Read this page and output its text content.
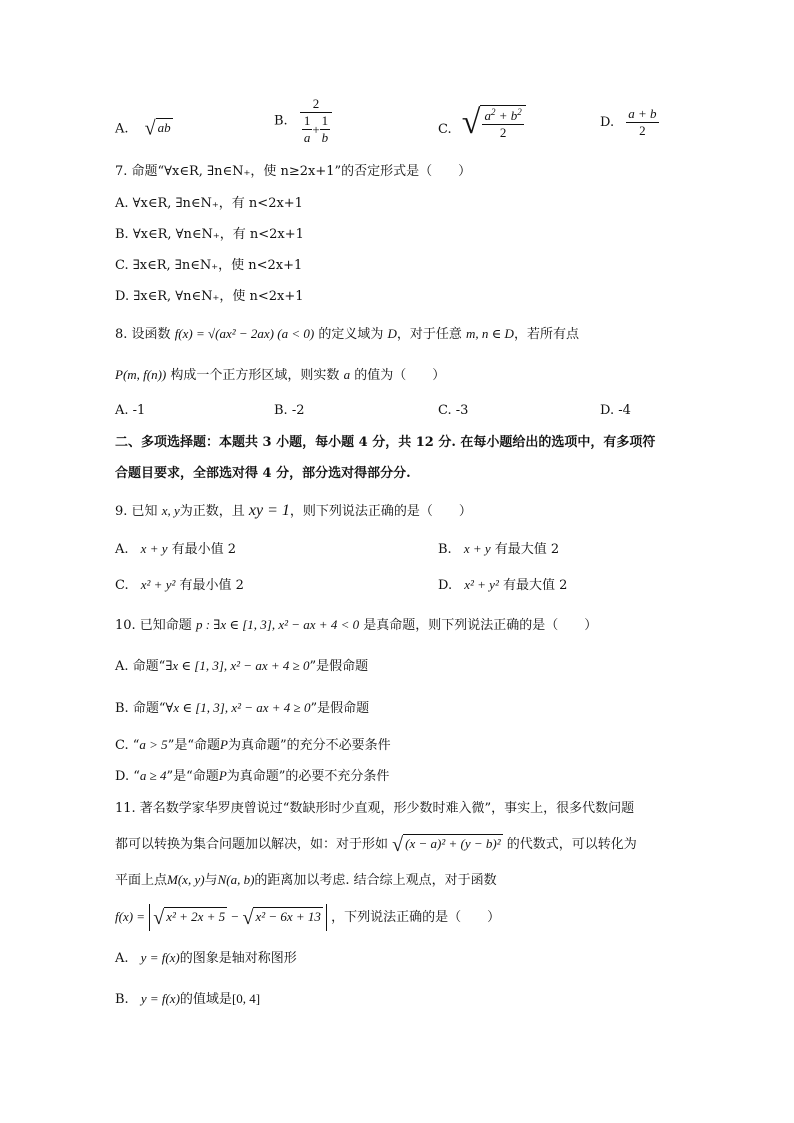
A. √ ab	B. $\frac{2}{\frac{1}{a} + \frac{1}{b}}$	C. √ $\frac{a^2 + b^2}{2}$	D. $\frac{a + b}{2}$
7. 命题“∀x∈R, ∃n∈N₊，使 n≥2x+1”的否定形式是（　　）
A. ∀x∈R, ∃n∈N₊，有 n<2x+1
B. ∀x∈R, ∀n∈N₊，有 n<2x+1
C. ∃x∈R, ∃n∈N₊，使 n<2x+1
D. ∃x∈R, ∀n∈N₊，使 n<2x+1
8. 设函数 f(x) = √(ax² − 2ax) (a < 0) 的定义域为 D，对于任意 m, n ∈ D，若所有点
P(m, f(n)) 构成一个正方形区域，则实数 a 的值为（　　）
A. -1	B. -2	C. -3	D. -4
二、多项选择题：本题共 3 小题，每小题 4 分，共 12 分. 在每小题给出的选项中，有多项符
合题目要求，全部选对得 4 分，部分选对得部分分.
9. 已知 x, y为正数，且 xy = 1，则下列说法正确的是（　　）
A. x + y 有最小值 2	B. x + y 有最大值 2
C. x² + y² 有最小值 2	D. x² + y² 有最大值 2
10. 已知命题 p : ∃x ∈ [1, 3], x² − ax + 4 < 0 是真命题，则下列说法正确的是（　　）
A. 命题“∃x ∈ [1, 3], x² − ax + 4 ≥ 0”是假命题
B. 命题“∀x ∈ [1, 3], x² − ax + 4 ≥ 0”是假命题
C. “a > 5”是“命题P为真命题”的充分不必要条件
D. “a ≥ 4”是“命题P为真命题”的必要不充分条件
11. 著名数学家华罗庚曾说过“数缺形时少直观，形少数时难入微”，事实上，很多代数问题
都可以转换为集合问题加以解决，如：对于形如 √ (x − a)² + (y − b)² 的代数式，可以转化为
平面上点M(x, y)与N(a, b)的距离加以考虑. 结合综上观点，对于函数
f(x) = √ x² + 2x + 5 − √ x² − 6x + 13 ，下列说法正确的是（　　）
A. y = f(x)的图象是轴对称图形
B. y = f(x)的值域是[0, 4]
